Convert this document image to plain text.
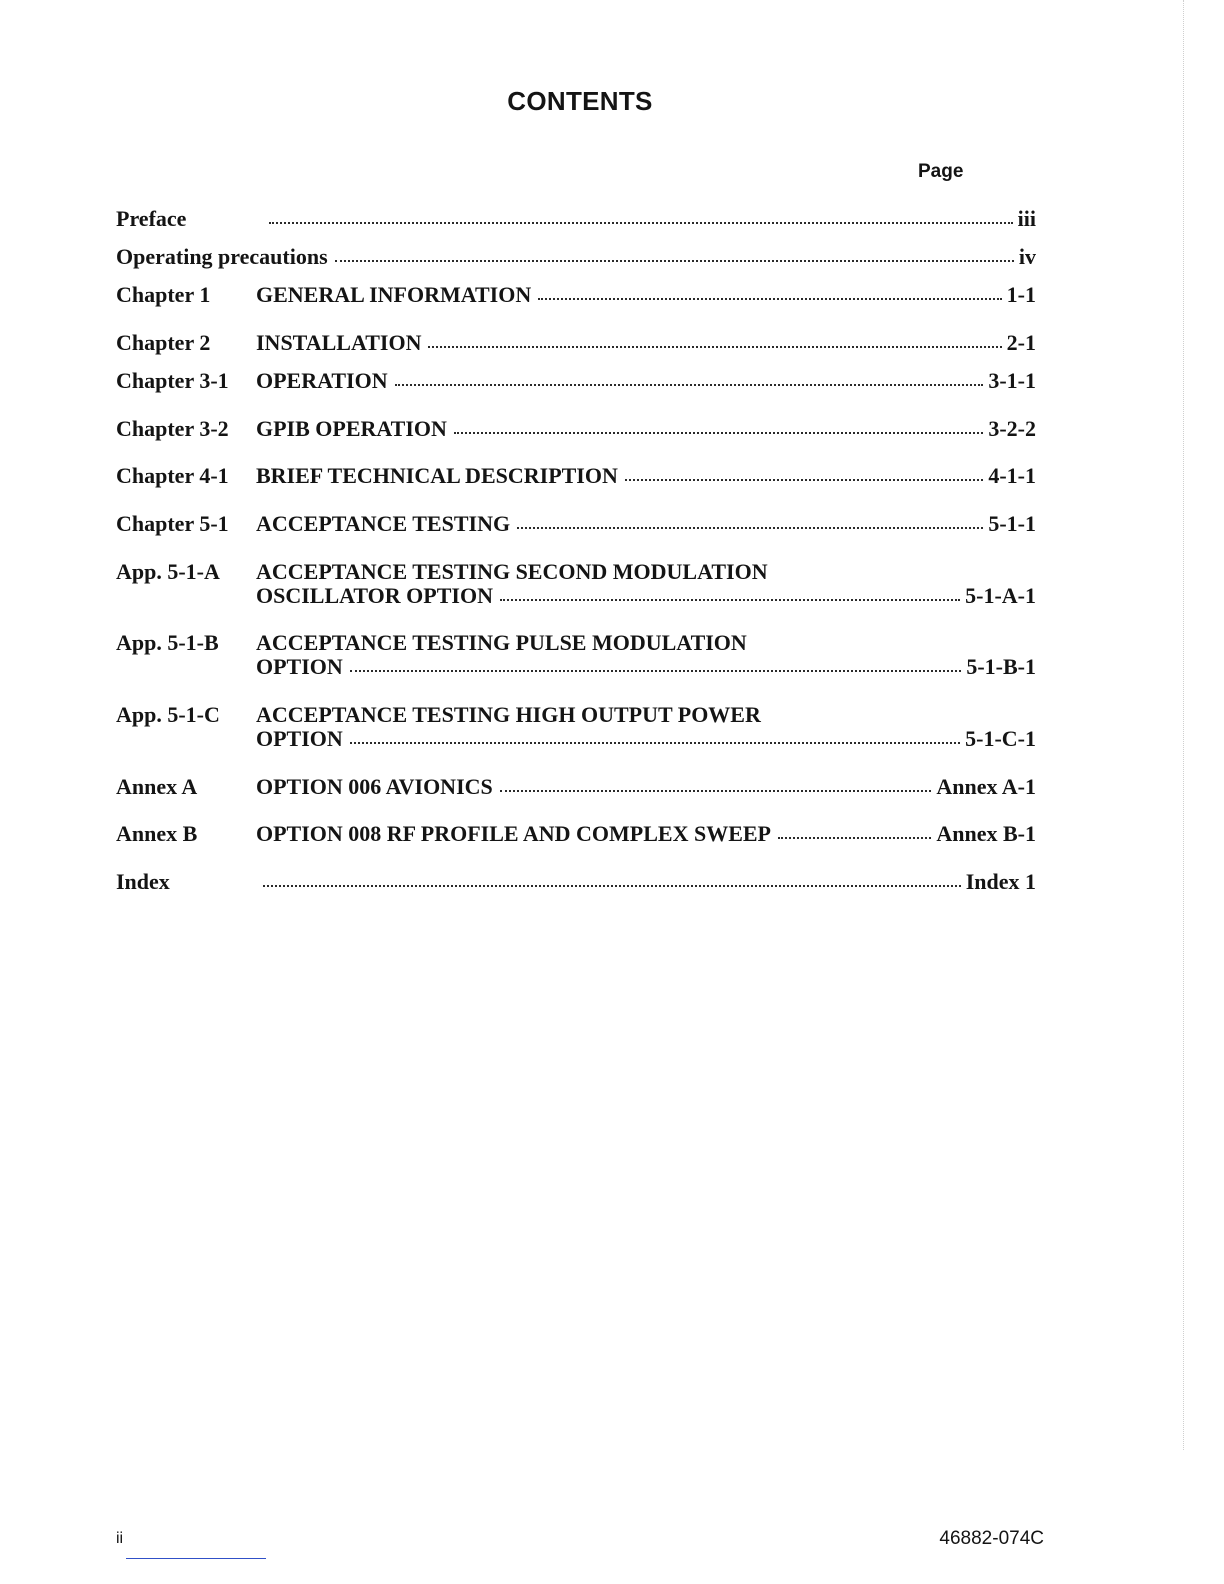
CONTENTS
Page
Preface	iii
Operating precautions	iv
Chapter 1 GENERAL INFORMATION	1-1
Chapter 2 INSTALLATION	2-1
Chapter 3-1 OPERATION	3-1-1
Chapter 3-2 GPIB OPERATION	3-2-2
Chapter 4-1 BRIEF TECHNICAL DESCRIPTION	4-1-1
Chapter 5-1 ACCEPTANCE TESTING	5-1-1
App. 5-1-A ACCEPTANCE TESTING SECOND MODULATION
OSCILLATOR OPTION	5-1-A-1
App. 5-1-B ACCEPTANCE TESTING PULSE MODULATION
OPTION	5-1-B-1
App. 5-1-C ACCEPTANCE TESTING HIGH OUTPUT POWER
OPTION	5-1-C-1
Annex A	OPTION 006 AVIONICS	Annex A-1
Annex B	OPTION 008 RF PROFILE AND COMPLEX SWEEP	Annex B-1
Index	Index 1
ii	46882-074C
